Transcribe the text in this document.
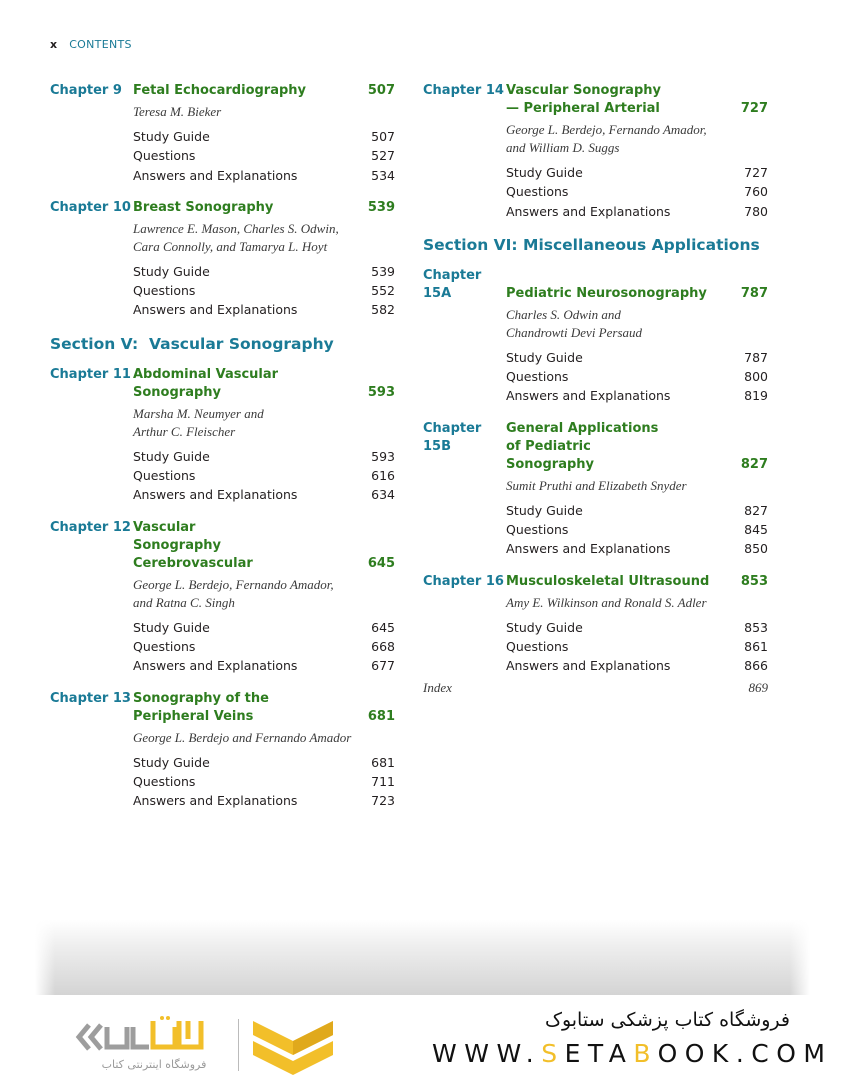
x CONTENTS
Chapter 9 Fetal Echocardiography	507
Teresa M. Bieker
Study Guide	507
Questions	527
Answers and Explanations	534
Chapter 10 Breast Sonography	539
Lawrence E. Mason, Charles S. Odwin, Cara Connolly, and Tamarya L. Hoyt
Study Guide	539
Questions	552
Answers and Explanations	582
Section V:  Vascular Sonography
Chapter 11 Abdominal Vascular Sonography	593
Marsha M. Neumyer and Arthur C. Fleischer
Study Guide	593
Questions	616
Answers and Explanations	634
Chapter 12 Vascular Sonography Cerebrovascular	645
George L. Berdejo, Fernando Amador, and Ratna C. Singh
Study Guide	645
Questions	668
Answers and Explanations	677
Chapter 13 Sonography of the Peripheral Veins	681
George L. Berdejo and Fernando Amador
Study Guide	681
Questions	711
Answers and Explanations	723
Chapter 14 Vascular Sonography— Peripheral Arterial	727
George L. Berdejo, Fernando Amador, and William D. Suggs
Study Guide	727
Questions	760
Answers and Explanations	780
Section VI: Miscellaneous Applications
Chapter 15A	Pediatric Neurosonography	787
Charles S. Odwin and Chandrowti Devi Persaud
Study Guide	787
Questions	800
Answers and Explanations	819
Chapter 15B
General Applications of Pediatric Sonography	827
Sumit Pruthi and Elizabeth Snyder
Study Guide	827
Questions	845
Answers and Explanations	850
Chapter 16 Musculoskeletal Ultrasound	853
Amy E. Wilkinson and Ronald S. Adler
Study Guide	853
Questions	861
Answers and Explanations	866
Index	869
فروشگاه اینترنتی کتاب
فروشگاه کتاب پزشکی ستابوک
WWW.SETABOOK.COM
